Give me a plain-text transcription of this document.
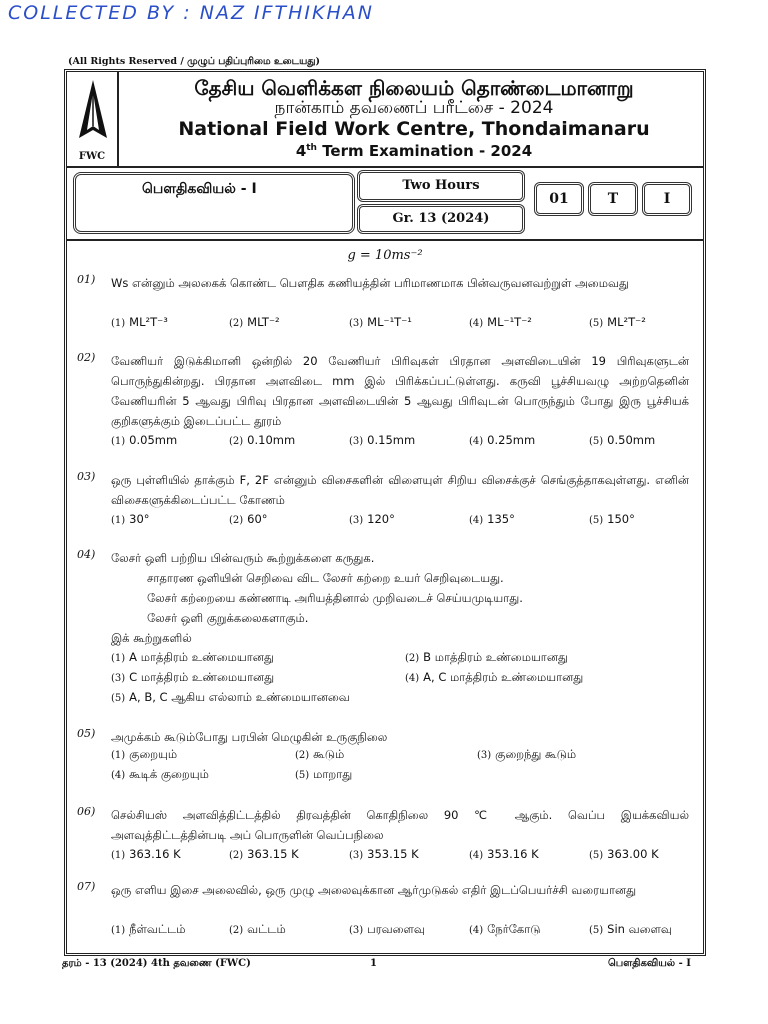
COLLECTED BY : NAZ IFTHIKHAN
(All Rights Reserved / முழுப் பதிப்புரிமை உடையது)
FWC
தேசிய வெளிக்கள நிலையம் தொண்டைமானாறு
நான்காம் தவணைப் பரீட்சை - 2024
National Field Work Centre, Thondaimanaru
4th Term Examination - 2024
பௌதிகவியல் - I	Two Hours
Gr. 13 (2024)
01	T	I
g = 10ms⁻²
01) Ws என்னும் அலகைக் கொண்ட பௌதிக கணியத்தின் பரிமாணமாக பின்வருவனவற்றுள் அமைவது
(1) ML²T⁻³	(2) MLT⁻²	(3) ML⁻¹T⁻¹	(4) ML⁻¹T⁻²	(5) ML²T⁻²
02) வேணியர் இடுக்கிமானி ஒன்றில் 20 வேணியர் பிரிவுகள் பிரதான அளவிடையின் 19 பிரிவுகளுடன் பொருந்துகின்றது. பிரதான அளவிடை mm இல் பிரிக்கப்பட்டுள்ளது. கருவி பூச்சியவழு அற்றதெனின் வேணியரின் 5 ஆவது பிரிவு பிரதான அளவிடையின் 5 ஆவது பிரிவுடன் பொருந்தும் போது இரு பூச்சியக் குறிகளுக்கும் இடைப்பட்ட தூரம்
(1) 0.05mm	(2) 0.10mm	(3) 0.15mm	(4) 0.25mm	(5) 0.50mm
03) ஒரு புள்ளியில் தாக்கும் F, 2F என்னும் விசைகளின் விளையுள் சிறிய விசைக்குச் செங்குத்தாகவுள்ளது. எனின் விசைகளுக்கிடைப்பட்ட கோணம்
(1) 30°	(2) 60°	(3) 120°	(4) 135°	(5) 150°
04) லேசர் ஒளி பற்றிய பின்வரும் கூற்றுக்களை கருதுக.
சாதாரண ஒளியின் செறிவை விட லேசர் கற்றை உயர் செறிவுடையது.
லேசர் கற்றையை கண்ணாடி அரியத்தினால் முறிவடைச் செய்யமுடியாது.
லேசர் ஒளி குறுக்கலைகளாகும்.
இக் கூற்றுகளில்
(1) A மாத்திரம் உண்மையானது	(2) B மாத்திரம் உண்மையானது
(3) C மாத்திரம் உண்மையானது	(4) A, C மாத்திரம் உண்மையானது
(5) A, B, C ஆகிய எல்லாம் உண்மையானவை
05) அமுக்கம் கூடும்போது பரபின் மெழுகின் உருகுநிலை
(1) குறையும்	(2) கூடும்	(3) குறைந்து கூடும்
(4) கூடிக் குறையும்	(5) மாறாது
06) செல்சியஸ் அளவித்திட்டத்தில் திரவத்தின் கொதிநிலை 90 ℃ ஆகும். வெப்ப இயக்கவியல் அளவுத்திட்டத்தின்படி அப் பொருளின் வெப்பநிலை
(1) 363.16 K	(2) 363.15 K	(3) 353.15 K	(4) 353.16 K	(5) 363.00 K
07) ஒரு எளிய இசை அலைவில், ஒரு முழு அலைவுக்கான ஆர்முடுகல் எதிர் இடப்பெயர்ச்சி வரையானது
(1) நீள்வட்டம்	(2) வட்டம்	(3) பரவளைவு	(4) நேர்கோடு	(5) Sin வளைவு
தரம் - 13 (2024) 4th தவணை (FWC)	1	பௌதிகவியல் - I
